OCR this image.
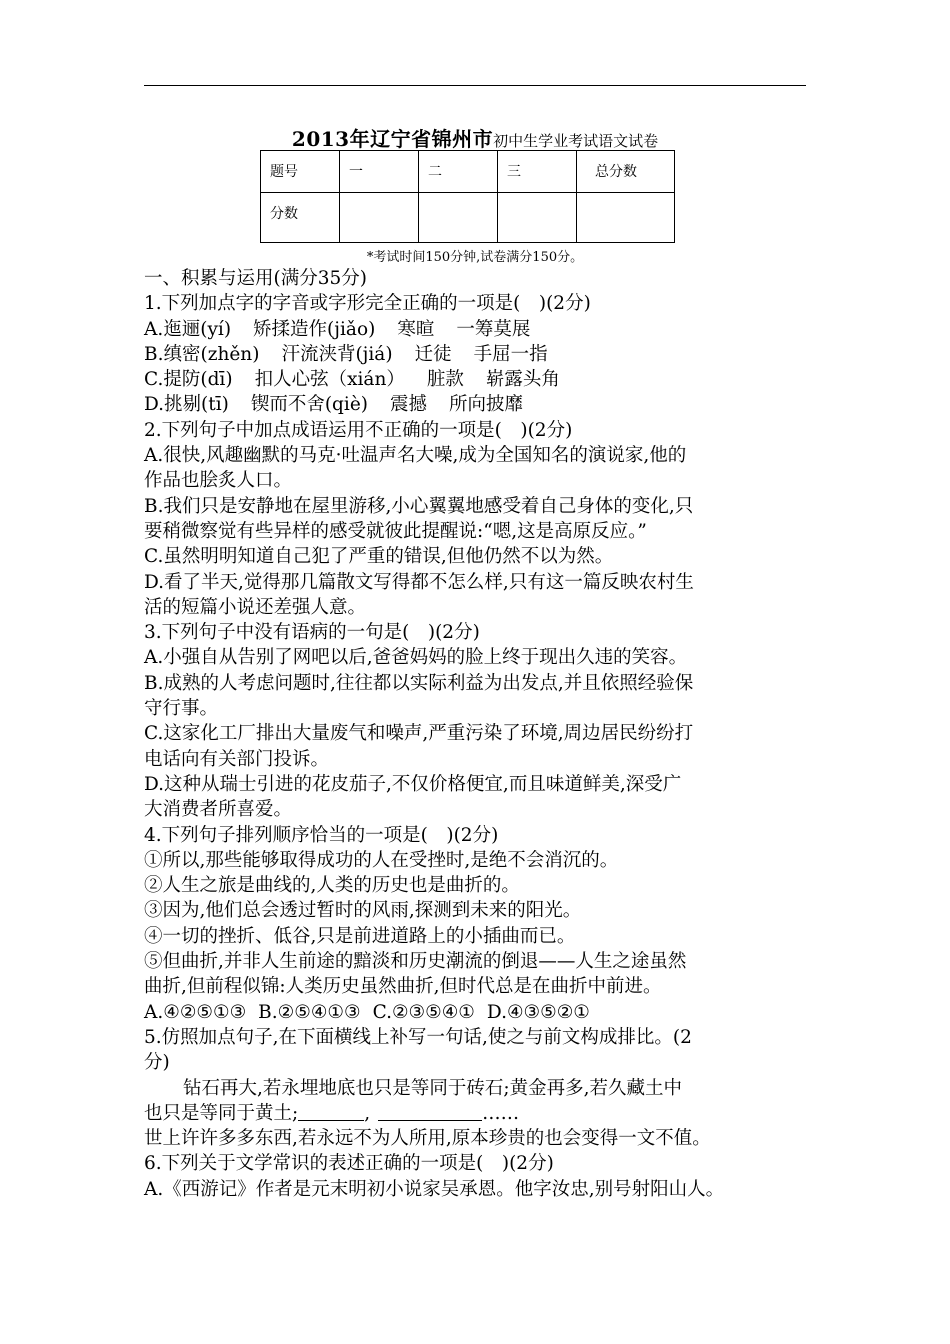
2013年辽宁省锦州市初中生学业考试语文试卷
题号	一	二	三	总分数
分数				
*考试时间150分钟,试卷满分150分。

一、积累与运用(满分35分)

1.下列加点字的字音或字形完全正确的一项是(　)(2分)

A.迤逦(yí) 矫揉造作(jiǎo) 寒暄 一筹莫展

B.缜密(zhěn) 汗流浃背(jiá) 迁徒 手屈一指

C.提防(dī) 扣人心弦（xián） 脏款 崭露头角

D.挑剔(tī) 锲而不舍(qiè) 震撼 所向披靡

2.下列句子中加点成语运用不正确的一项是(　)(2分)

A.很快,风趣幽默的马克·吐温声名大噪,成为全国知名的演说家,他的

作品也脍炙人口。

B.我们只是安静地在屋里游移,小心翼翼地感受着自己身体的变化,只

要稍微察觉有些异样的感受就彼此提醒说:“嗯,这是高原反应。”

C.虽然明明知道自己犯了严重的错误,但他仍然不以为然。

D.看了半天,觉得那几篇散文写得都不怎么样,只有这一篇反映农村生

活的短篇小说还差强人意。

3.下列句子中没有语病的一句是(　)(2分)

A.小强自从告别了网吧以后,爸爸妈妈的脸上终于现出久违的笑容。

B.成熟的人考虑问题时,往往都以实际利益为出发点,并且依照经验保

守行事。

C.这家化工厂排出大量废气和噪声,严重污染了环境,周边居民纷纷打

电话向有关部门投诉。

D.这种从瑞士引进的花皮茄子,不仅价格便宜,而且味道鲜美,深受广

大消费者所喜爱。

4.下列句子排列顺序恰当的一项是(　)(2分)

①所以,那些能够取得成功的人在受挫时,是绝不会消沉的。

②人生之旅是曲线的,人类的历史也是曲折的。

③因为,他们总会透过暂时的风雨,探测到未来的阳光。

④一切的挫折、低谷,只是前进道路上的小插曲而已。

⑤但曲折,并非人生前途的黯淡和历史潮流的倒退——人生之途虽然

曲折,但前程似锦:人类历史虽然曲折,但时代总是在曲折中前进。

A.④②⑤①③ B.②⑤④①③ C.②③⑤④① D.④③⑤②①

5.仿照加点句子,在下面横线上补写一句话,使之与前文构成排比。(2

分)

钻石再大,若永埋地底也只是等同于砖石;黄金再多,若久藏土中

也只是等同于黄土;	,	……

世上许许多多东西,若永远不为人所用,原本珍贵的也会变得一文不值。

6.下列关于文学常识的表述正确的一项是(　)(2分)

A.《西游记》作者是元末明初小说家吴承恩。他字汝忠,别号射阳山人。
